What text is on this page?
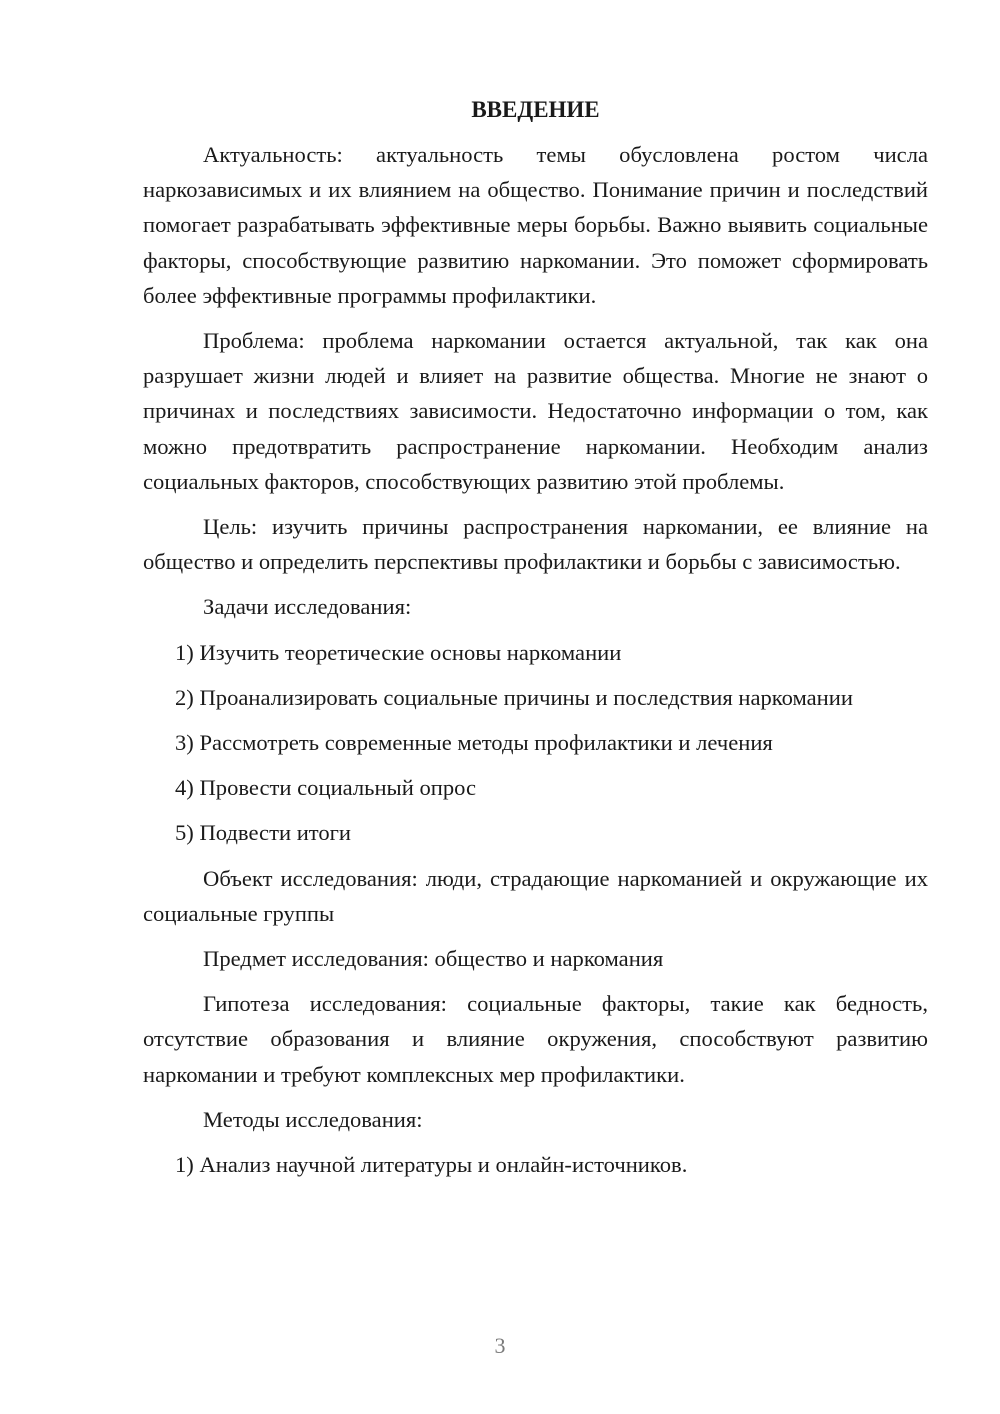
ВВЕДЕНИЕ

Актуальность: актуальность темы обусловлена ростом числа наркозависимых и их влиянием на общество. Понимание причин и последствий помогает разрабатывать эффективные меры борьбы. Важно выявить социальные факторы, способствующие развитию наркомании. Это поможет сформировать более эффективные программы профилактики.

Проблема: проблема наркомании остается актуальной, так как она разрушает жизни людей и влияет на развитие общества. Многие не знают о причинах и последствиях зависимости. Недостаточно информации о том, как можно предотвратить распространение наркомании. Необходим анализ социальных факторов, способствующих развитию этой проблемы.

Цель: изучить причины распространения наркомании, ее влияние на общество и определить перспективы профилактики и борьбы с зависимостью.

Задачи исследования:

1) Изучить теоретические основы наркомании
2) Проанализировать социальные причины и последствия наркомании
3) Рассмотреть современные методы профилактики и лечения
4) Провести социальный опрос
5) Подвести итоги

Объект исследования: люди, страдающие наркоманией и окружающие их социальные группы

Предмет исследования: общество и наркомания

Гипотеза исследования: социальные факторы, такие как бедность, отсутствие образования и влияние окружения, способствуют развитию наркомании и требуют комплексных мер профилактики.

Методы исследования:

1) Анализ научной литературы и онлайн-источников.
3
